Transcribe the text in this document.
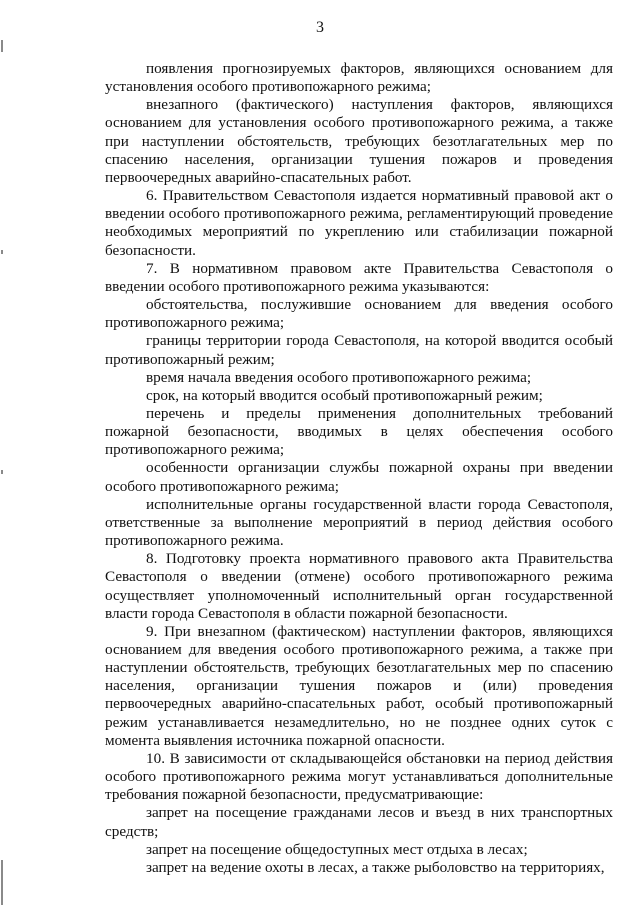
3

появления прогнозируемых факторов, являющихся основанием для установления особого противопожарного режима;

внезапного (фактического) наступления факторов, являющихся основанием для установления особого противопожарного режима, а также при наступлении обстоятельств, требующих безотлагательных мер по спасению населения, организации тушения пожаров и проведения первоочередных аварийно-спасательных работ.

6. Правительством Севастополя издается нормативный правовой акт о введении особого противопожарного режима, регламентирующий проведение необходимых мероприятий по укреплению или стабилизации пожарной безопасности.

7. В нормативном правовом акте Правительства Севастополя о введении особого противопожарного режима указываются:

обстоятельства, послужившие основанием для введения особого противопожарного режима;

границы территории города Севастополя, на которой вводится особый противопожарный режим;

время начала введения особого противопожарного режима;

срок, на который вводится особый противопожарный режим;

перечень и пределы применения дополнительных требований пожарной безопасности, вводимых в целях обеспечения особого противопожарного режима;

особенности организации службы пожарной охраны при введении особого противопожарного режима;

исполнительные органы государственной власти города Севастополя, ответственные за выполнение мероприятий в период действия особого противопожарного режима.

8. Подготовку проекта нормативного правового акта Правительства Севастополя о введении (отмене) особого противопожарного режима осуществляет уполномоченный исполнительный орган государственной власти города Севастополя в области пожарной безопасности.

9. При внезапном (фактическом) наступлении факторов, являющихся основанием для введения особого противопожарного режима, а также при наступлении обстоятельств, требующих безотлагательных мер по спасению населения, организации тушения пожаров и (или) проведения первоочередных аварийно-спасательных работ, особый противопожарный режим устанавливается незамедлительно, но не позднее одних суток с момента выявления источника пожарной опасности.

10. В зависимости от складывающейся обстановки на период действия особого противопожарного режима могут устанавливаться дополнительные требования пожарной безопасности, предусматривающие:

запрет на посещение гражданами лесов и въезд в них транспортных средств;

запрет на посещение общедоступных мест отдыха в лесах;

запрет на ведение охоты в лесах, а также рыболовство на территориях,
